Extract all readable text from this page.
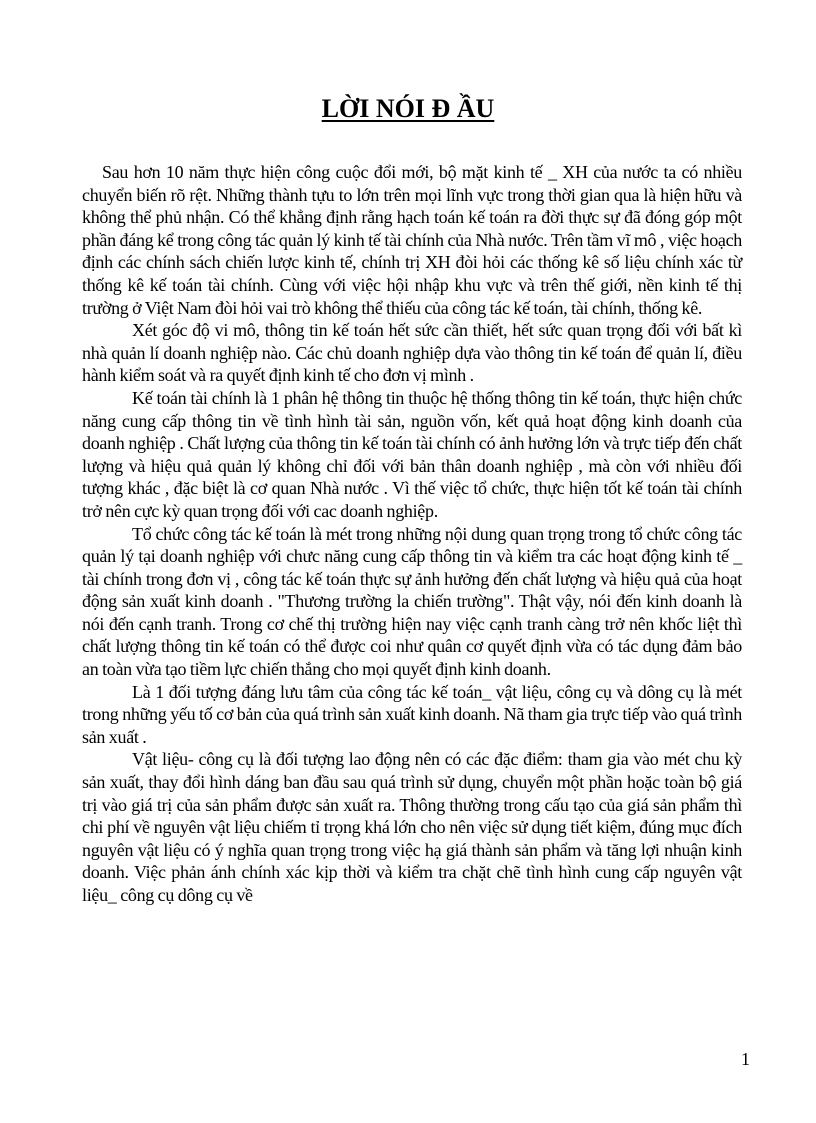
LỜI NÓI Đ ẦU

Sau hơn 10 năm thực hiện công cuộc đổi mới, bộ mặt kinh tế _ XH của nước ta có nhiều chuyển biến rõ rệt. Những thành tựu to lớn trên mọi lĩnh vực trong thời gian qua là hiện hữu và không thể phủ nhận. Có thể khẳng định rằng hạch toán kế toán ra đời thực sự đã đóng góp một phần đáng kể trong công tác quản lý kinh tế tài chính của Nhà nước. Trên tầm vĩ mô , việc hoạch định các chính sách chiến lược kinh tế, chính trị XH đòi hỏi các thống kê số liệu chính xác từ thống kê kế toán tài chính. Cùng với việc hội nhập khu vực và trên thế giới, nền kinh tế thị trường ở Việt Nam đòi hỏi vai trò không thể thiếu của công tác kế toán, tài chính, thống kê.

Xét góc độ vi mô, thông tin kế toán hết sức cần thiết, hết sức quan trọng đối với bất kì nhà quản lí doanh nghiệp nào. Các chủ doanh nghiệp dựa vào thông tin kế toán để quản lí, điều hành kiểm soát và ra quyết định kinh tế cho đơn vị mình .

Kế toán tài chính là 1 phân hệ thông tin thuộc hệ thống thông tin kế toán, thực hiện chức năng cung cấp thông tin về tình hình tài sản, nguồn vốn, kết quả hoạt động kinh doanh của doanh nghiệp . Chất lượng của thông tin kế toán tài chính có ảnh hưởng lớn và trực tiếp đến chất lượng và hiệu quả quản lý không chỉ đối với bản thân doanh nghiệp , mà còn với nhiều đối tượng khác , đặc biệt là cơ quan Nhà nước . Vì thế việc tổ chức, thực hiện tốt kế toán tài chính trở nên cực kỳ quan trọng đối với cac doanh nghiệp.

Tổ chức công tác kế toán là mét trong những nội dung quan trọng trong tổ chức công tác quản lý tại doanh nghiệp với chưc năng cung cấp thông tin và kiểm tra các hoạt động kinh tế _ tài chính trong đơn vị , công tác kế toán thực sự ảnh hưởng đến chất lượng và hiệu quả của hoạt động sản xuất kinh doanh . "Thương trường la chiến trường". Thật vậy, nói đến kinh doanh là nói đến cạnh tranh. Trong cơ chế thị trường hiện nay việc cạnh tranh càng trở nên khốc liệt thì chất lượng thông tin kế toán có thể được coi như quân cơ quyết định vừa có tác dụng đảm bảo an toàn vừa tạo tiềm lực chiến thắng cho mọi quyết định kinh doanh.

Là 1 đối tượng đáng lưu tâm của công tác kế toán_ vật liệu, công cụ và dông cụ là mét trong những yếu tố cơ bản của quá trình sản xuất kinh doanh. Nã tham gia trực tiếp vào quá trình sản xuất .

Vật liệu- công cụ là đối tượng lao động nên có các đặc điểm: tham gia vào mét chu kỳ sản xuất, thay đổi hình dáng ban đầu sau quá trình sử dụng, chuyển một phần hoặc toàn bộ giá trị vào giá trị của sản phẩm được sản xuất ra. Thông thường trong cấu tạo của giá sản phẩm thì chi phí về nguyên vật liệu chiếm tỉ trọng khá lớn cho nên việc sử dụng tiết kiệm, đúng mục đích nguyên vật liệu có ý nghĩa quan trọng trong việc hạ giá thành sản phẩm và tăng lợi nhuận kinh doanh. Việc phản ánh chính xác kịp thời và kiểm tra chặt chẽ tình hình cung cấp nguyên vật liệu_ công cụ dông cụ về

1
